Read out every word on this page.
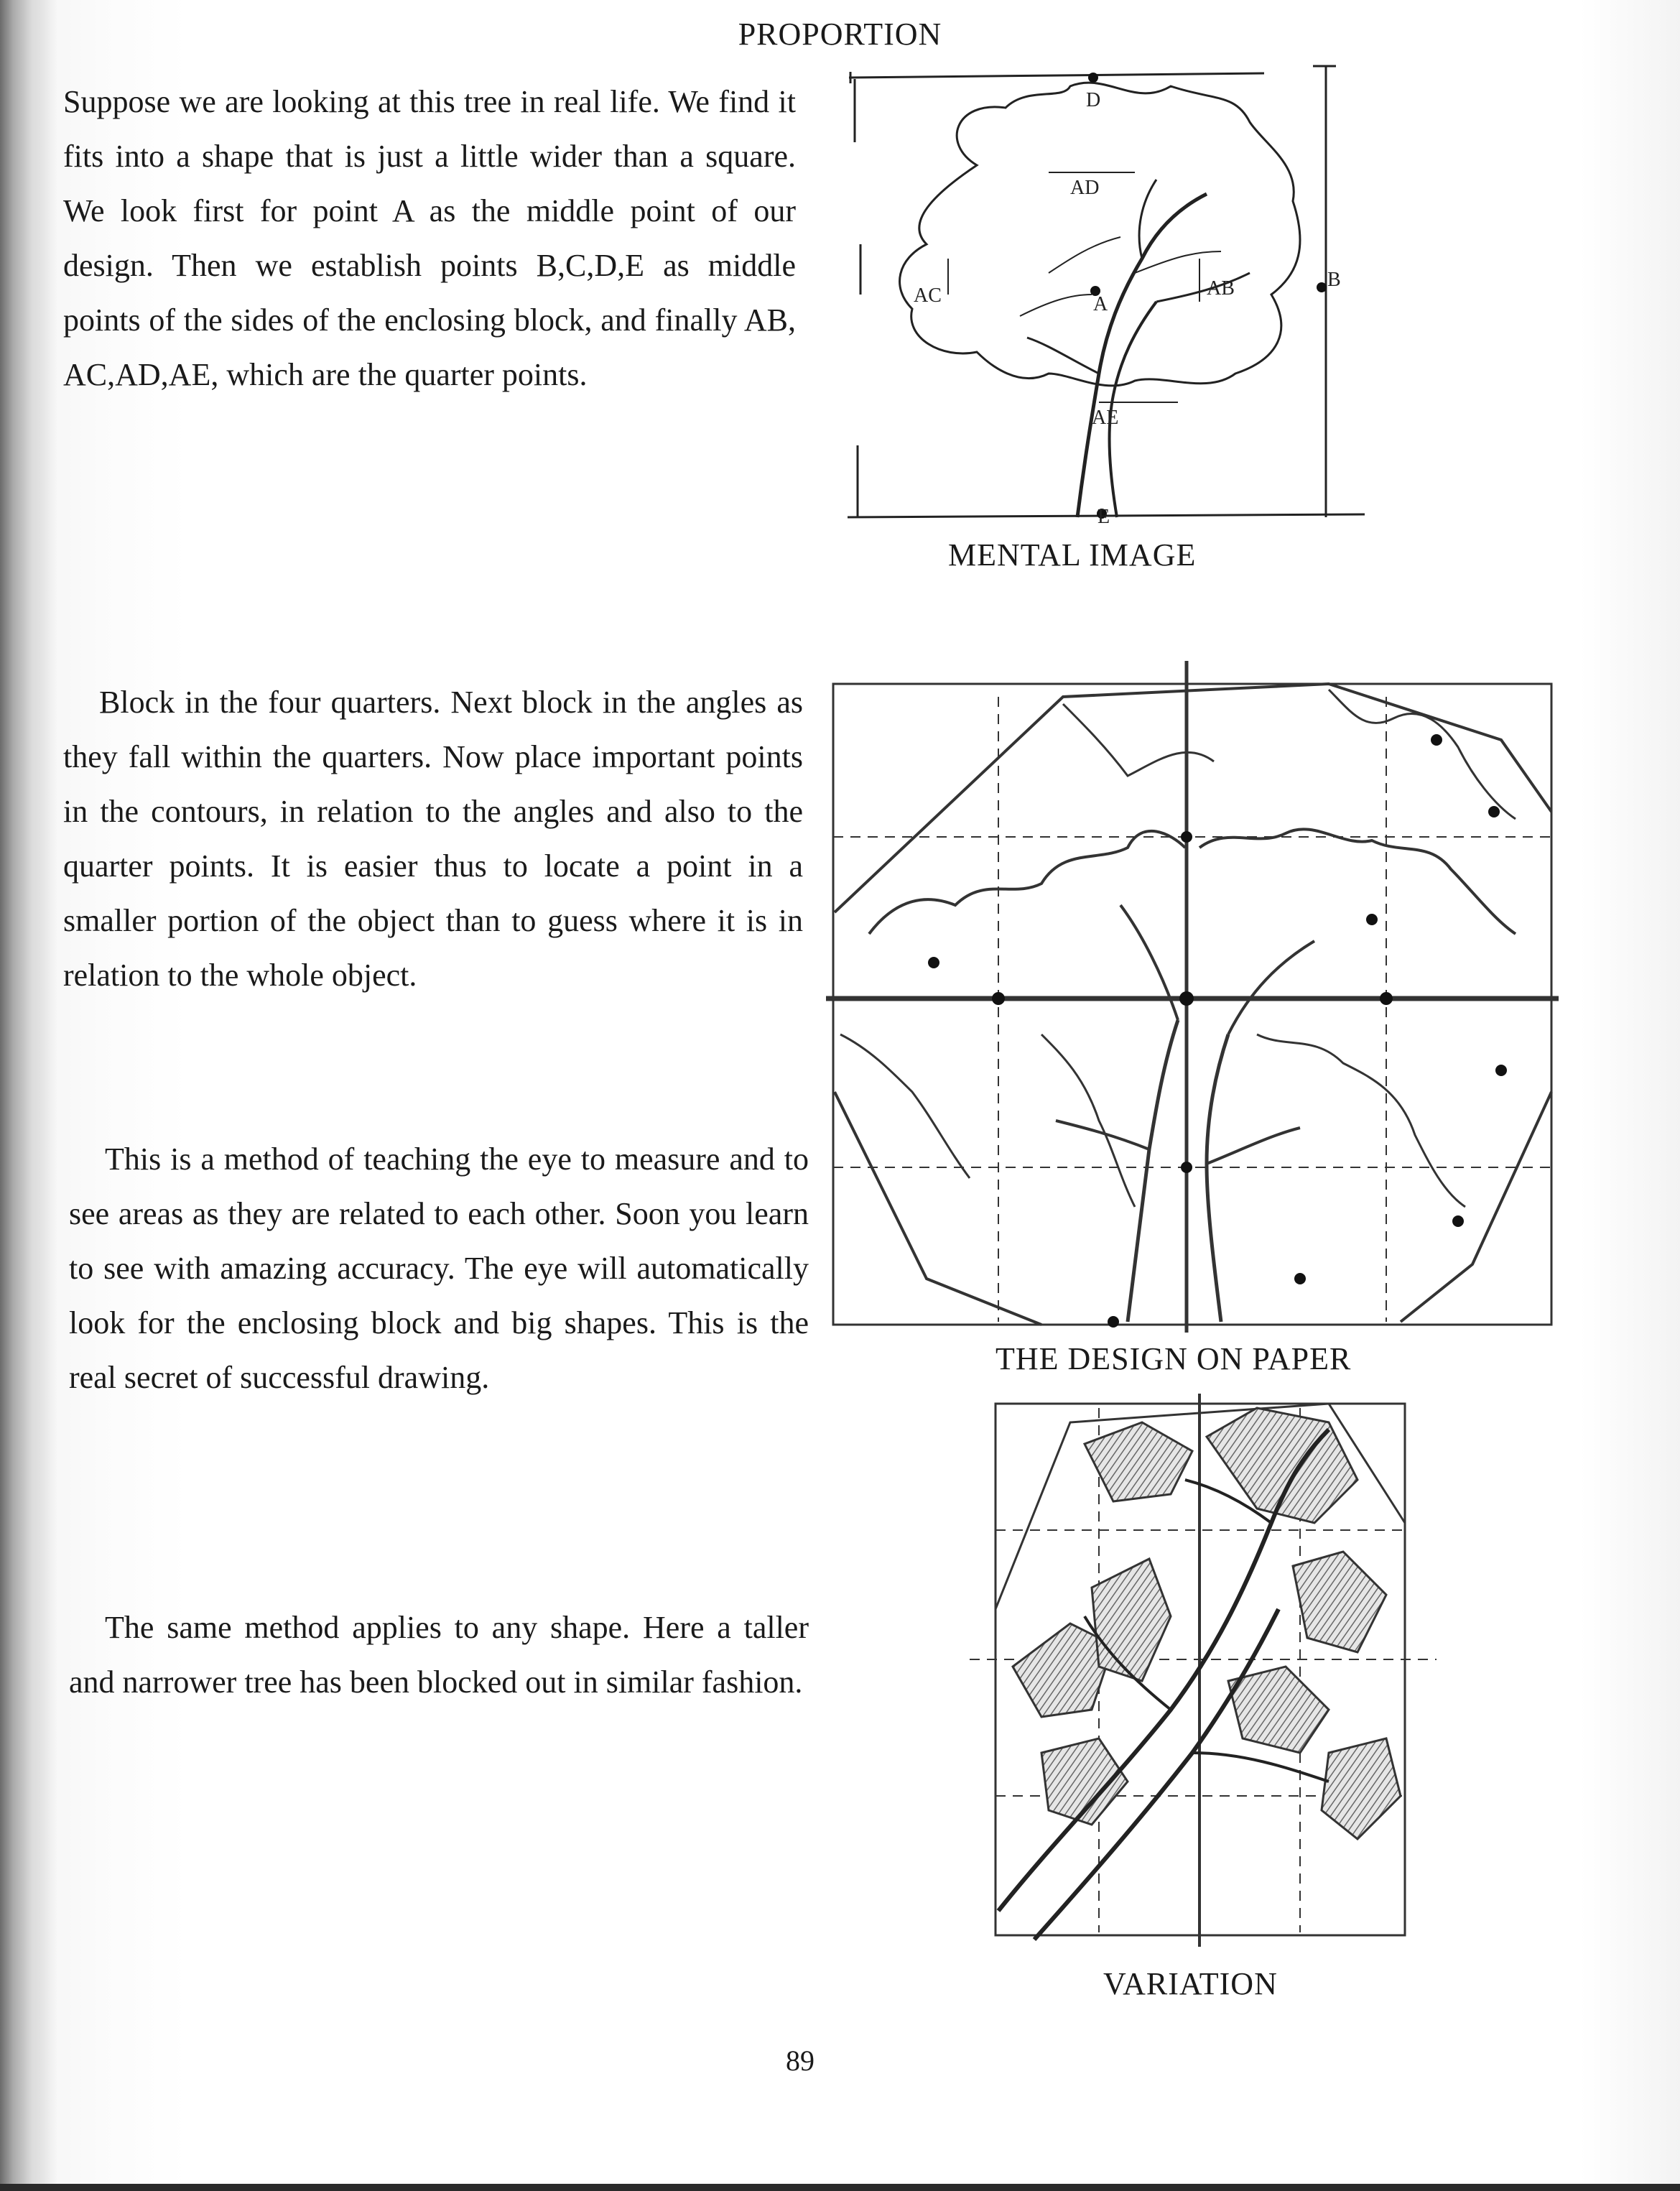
PROPORTION
Suppose we are looking at this tree in real life. We find it fits into a shape that is just a little wider than a square. We look first for point A as the middle point of our design. Then we establish points B,C,D,E as middle points of the sides of the enclosing block, and finally AB, AC,AD,AE, which are the quarter points.
Block in the four quarters. Next block in the angles as they fall within the quarters. Now place important points in the contours, in relation to the angles and also to the quarter points. It is easier thus to locate a point in a smaller portion of the object than to guess where it is in relation to the whole object.
This is a method of teaching the eye to measure and to see areas as they are related to each other. Soon you learn to see with amazing accuracy. The eye will automatically look for the enclosing block and big shapes. This is the real secret of successful drawing.
The same method applies to any shape. Here a taller and narrower tree has been blocked out in similar fashion.
D
AD
AC	A
AB	B
AE
E
MENTAL IMAGE
THE DESIGN ON PAPER
VARIATION
89
